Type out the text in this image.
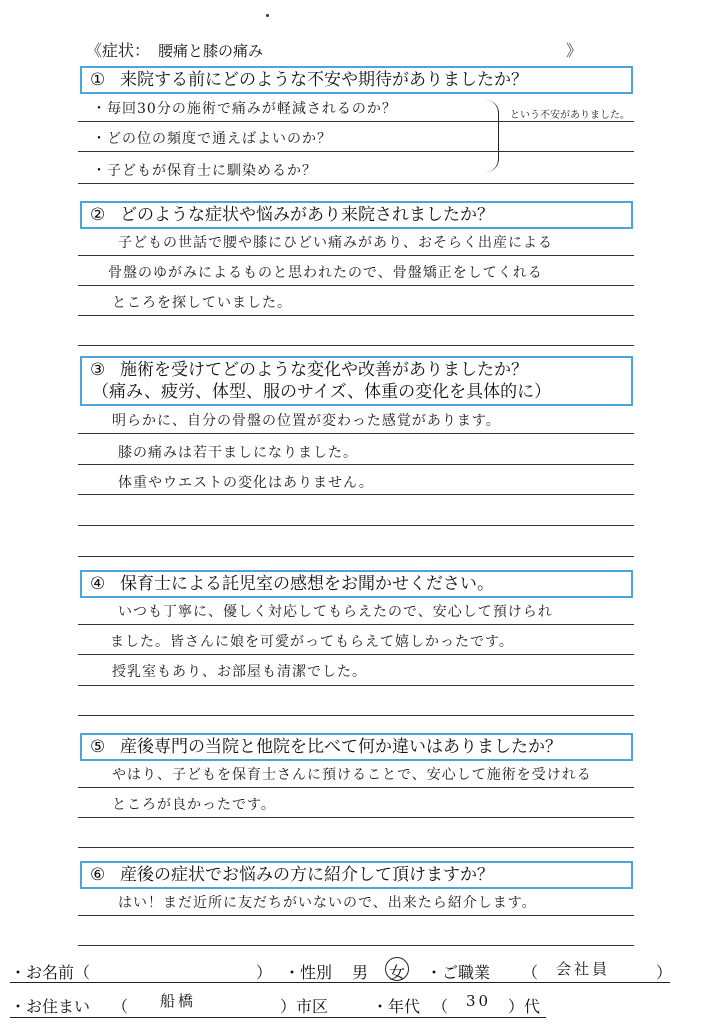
《症状： 腰痛と膝の痛み	》
① 来院する前にどのような不安や期待がありましたか？
・毎回30分の施術で痛みが軽減されるのか？
・どの位の頻度で通えばよいのか？
・子どもが保育士に馴染めるか？
という不安がありました。
② どのような症状や悩みがあり来院されましたか？
子どもの世話で腰や膝にひどい痛みがあり、おそらく出産による
骨盤のゆがみによるものと思われたので、骨盤矯正をしてくれる
ところを探していました。
③ 施術を受けてどのような変化や改善がありましたか？
（痛み、疲労、体型、服のサイズ、体重の変化を具体的に）
明らかに、自分の骨盤の位置が変わった感覚があります。
膝の痛みは若干ましになりました。
体重やウエストの変化はありません。
④ 保育士による託児室の感想をお聞かせください。
いつも丁寧に、優しく対応してもらえたので、安心して預けられ
ました。皆さんに娘を可愛がってもらえて嬉しかったです。
授乳室もあり、お部屋も清潔でした。
⑤ 産後専門の当院と他院を比べて何か違いはありましたか？
やはり、子どもを保育士さんに預けることで、安心して施術を受けれる
ところが良かったです。
⑥ 産後の症状でお悩みの方に紹介して頂けますか？
はい！まだ近所に友だちがいないので、出来たら紹介します。
・お名前（	） ・性別 男 女 ・ご職業 （ 会社員	）
・お住まい （ 船橋	）市区	・年代 （ 30 ）代
